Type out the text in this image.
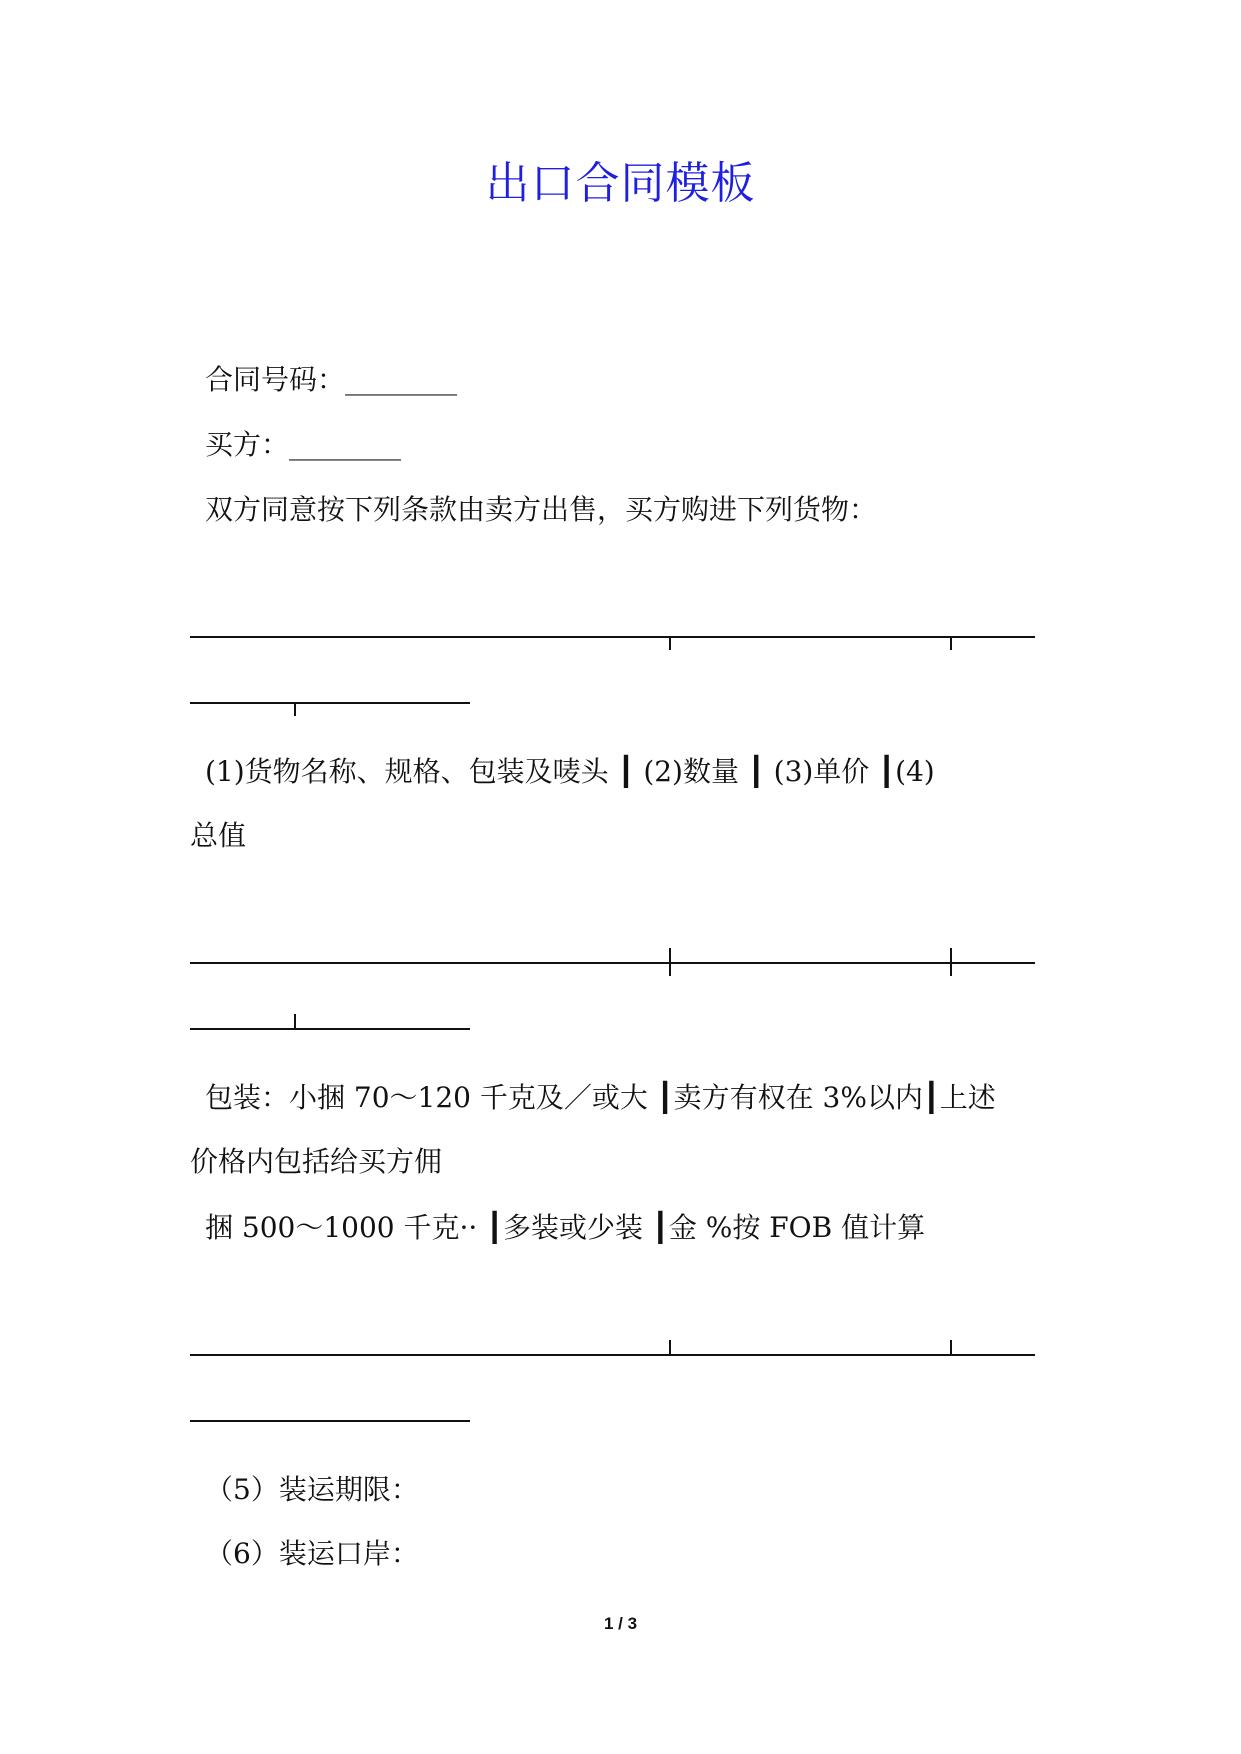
出口合同模板

合同号码：________

买方：________

双方同意按下列条款由卖方出售，买方购进下列货物：

(1)货物名称、规格、包装及唛头 ┃ (2)数量 ┃ (3)单价 ┃(4)

总值

包装：小捆 70～120 千克及／或大 ┃卖方有权在 3%以内┃上述

价格内包括给买方佣

捆 500～1000 千克·· ┃多装或少装 ┃金 %按 FOB 值计算

（5）装运期限：

（6）装运口岸：

1 / 3
